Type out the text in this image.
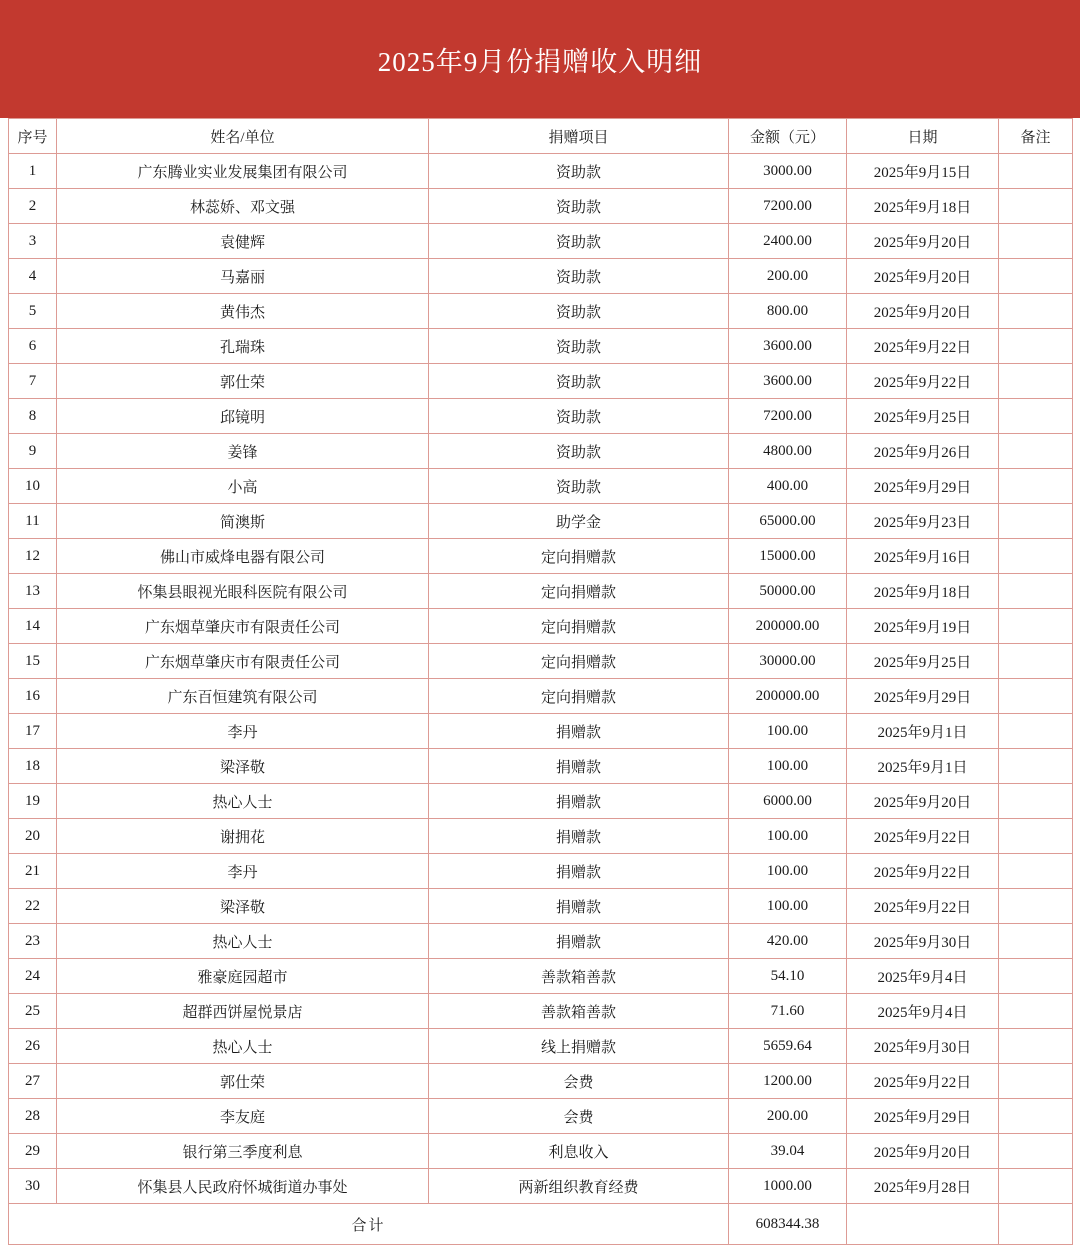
2025年9月份捐赠收入明细
序号	姓名/单位	捐赠项目	金额（元）	日期	备注
1	广东腾业实业发展集团有限公司	资助款	3000.00	2025年9月15日	
2	林蕊娇、邓文强	资助款	7200.00	2025年9月18日	
3	袁健辉	资助款	2400.00	2025年9月20日	
4	马嘉丽	资助款	200.00	2025年9月20日	
5	黄伟杰	资助款	800.00	2025年9月20日	
6	孔瑞珠	资助款	3600.00	2025年9月22日	
7	郭仕荣	资助款	3600.00	2025年9月22日	
8	邱镜明	资助款	7200.00	2025年9月25日	
9	姜锋	资助款	4800.00	2025年9月26日	
10	小高	资助款	400.00	2025年9月29日	
11	简澳斯	助学金	65000.00	2025年9月23日	
12	佛山市威烽电器有限公司	定向捐赠款	15000.00	2025年9月16日	
13	怀集县眼视光眼科医院有限公司	定向捐赠款	50000.00	2025年9月18日	
14	广东烟草肇庆市有限责任公司	定向捐赠款	200000.00	2025年9月19日	
15	广东烟草肇庆市有限责任公司	定向捐赠款	30000.00	2025年9月25日	
16	广东百恒建筑有限公司	定向捐赠款	200000.00	2025年9月29日	
17	李丹	捐赠款	100.00	2025年9月1日	
18	梁泽敬	捐赠款	100.00	2025年9月1日	
19	热心人士	捐赠款	6000.00	2025年9月20日	
20	谢拥花	捐赠款	100.00	2025年9月22日	
21	李丹	捐赠款	100.00	2025年9月22日	
22	梁泽敬	捐赠款	100.00	2025年9月22日	
23	热心人士	捐赠款	420.00	2025年9月30日	
24	雅豪庭园超市	善款箱善款	54.10	2025年9月4日	
25	超群西饼屋悦景店	善款箱善款	71.60	2025年9月4日	
26	热心人士	线上捐赠款	5659.64	2025年9月30日	
27	郭仕荣	会费	1200.00	2025年9月22日	
28	李友庭	会费	200.00	2025年9月29日	
29	银行第三季度利息	利息收入	39.04	2025年9月20日	
30	怀集县人民政府怀城街道办事处	两新组织教育经费	1000.00	2025年9月28日	
合计			608344.38		
